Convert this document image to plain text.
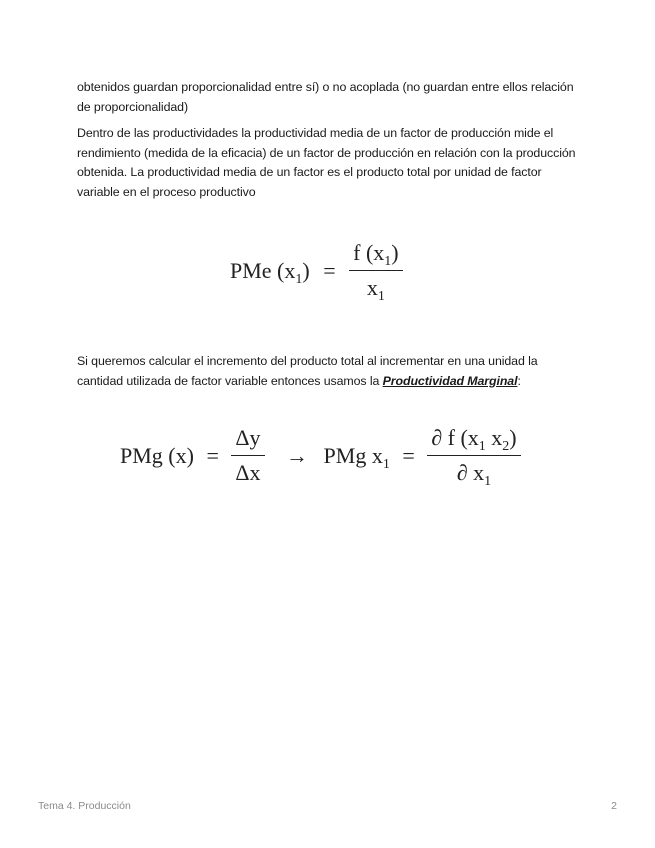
obtenidos guardan proporcionalidad entre sí) o no acoplada (no guardan entre ellos relación de proporcionalidad)

Dentro de las productividades la productividad media de un factor de producción mide el rendimiento (medida de la eficacia) de un factor de producción en relación con la producción obtenida. La productividad media de un factor es el producto total por unidad de factor variable en el proceso productivo

PMe $(x_1) = \frac{f (x_1)}{x_1}$

Si queremos calcular el incremento del producto total al incrementar en una unidad la cantidad utilizada de factor variable entonces usamos la Productividad Marginal:

PMg $(x) = \frac{\Delta y}{\Delta x}$ → PMg $x_1 = \frac{\partial f (x_1 x_2)}{\partial x_1}$
Tema 4. Producción	2
